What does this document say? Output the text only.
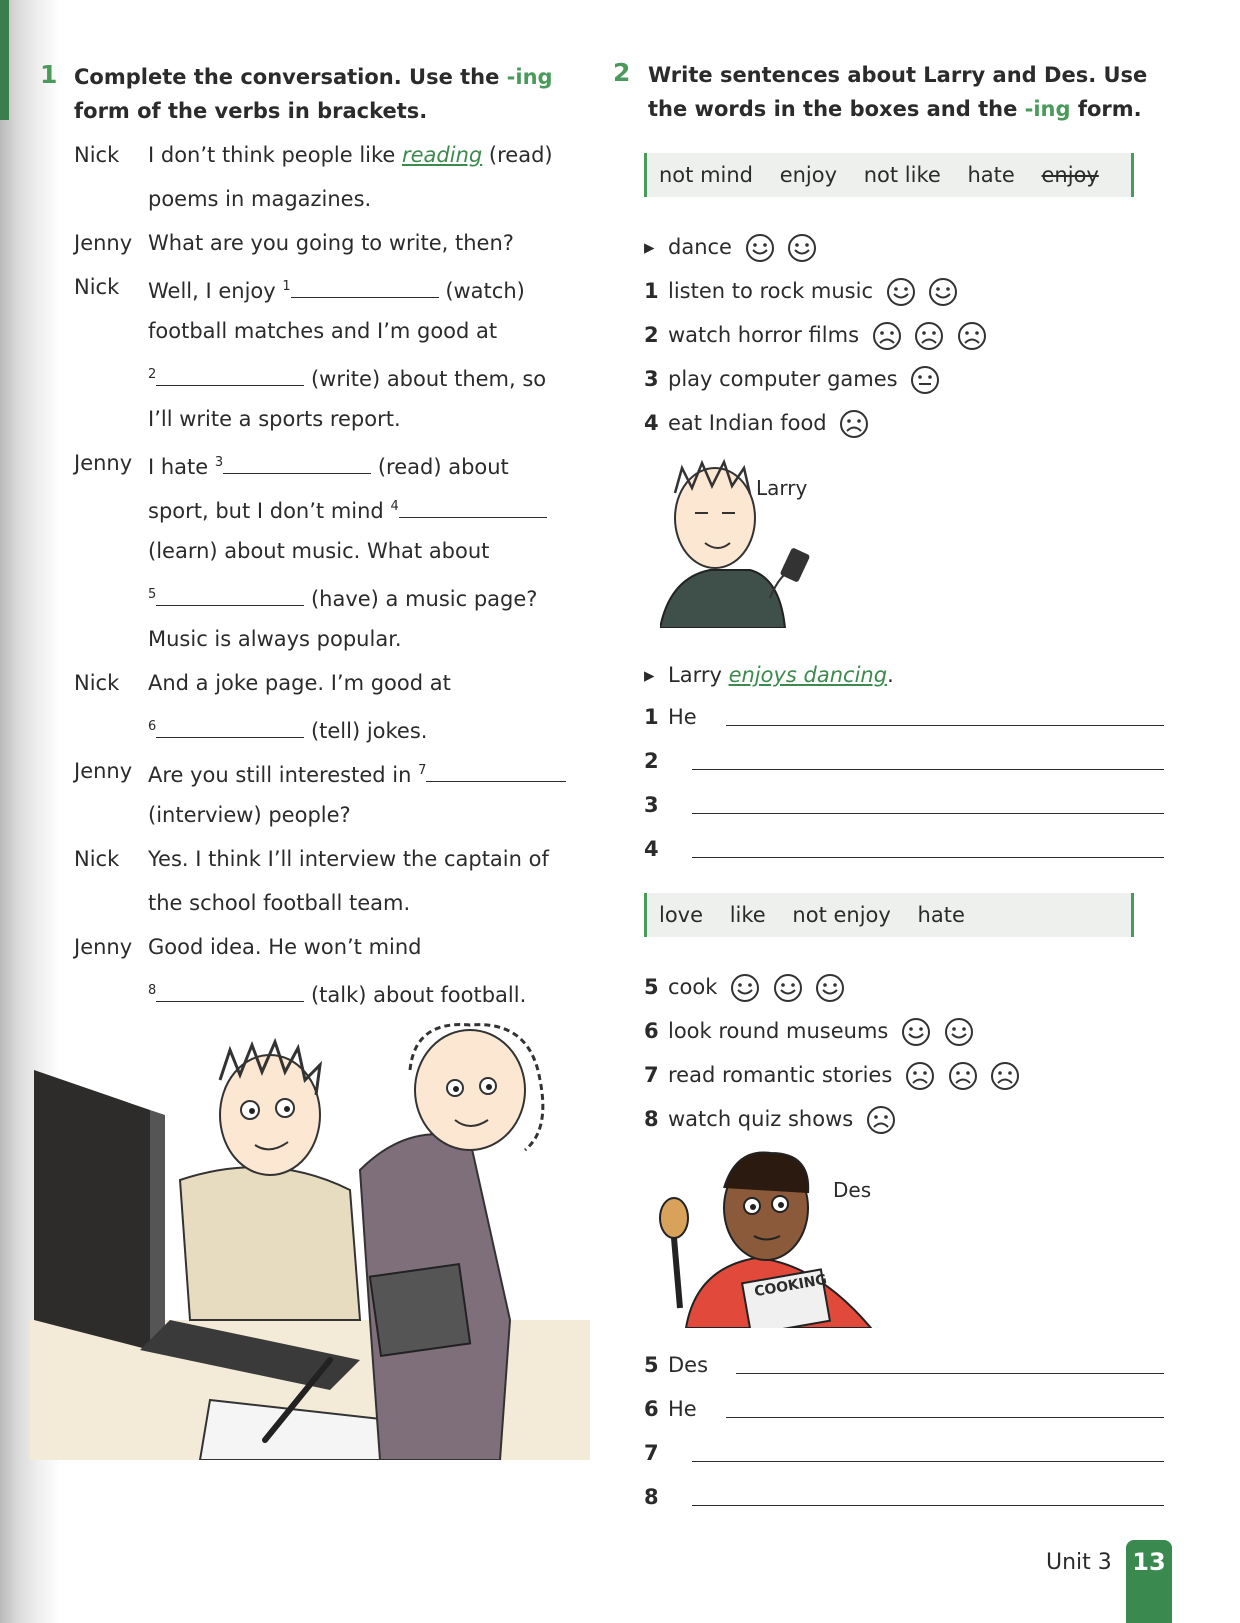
1 Complete the conversation. Use the -ing
form of the verbs in brackets.
Nick I don’t think people like reading (read)
poems in magazines.
Jenny What are you going to write, then?
Nick Well, I enjoy $^1$	(watch)
football matches and I’m good at
$^2$	(write) about them, so
I’ll write a sports report.
Jenny I hate $^3$	(read) about
sport, but I don’t mind $^4$
(learn) about music. What about
$^5$	(have) a music page?
Music is always popular.
Nick And a joke page. I’m good at
$^6$	(tell) jokes.
Jenny Are you still interested in $^7$
(interview) people?
Nick Yes. I think I’ll interview the captain of
the school football team.
Jenny Good idea. He won’t mind
$^8$	(talk) about football.
2 Write sentences about Larry and Des. Use
the words in the boxes and the -ing form.
not mind enjoy not like hate enjoy
▸ dance
1 listen to rock music
2 watch horror films
3 play computer games
4 eat Indian food
Larry
▸ Larry enjoys dancing.
1 He
2
3
4
love like not enjoy hate
5 cook
6 look round museums
7 read romantic stories
8 watch quiz shows
Des
COOKING
5 Des
6 He
7
8
Unit 3 13
